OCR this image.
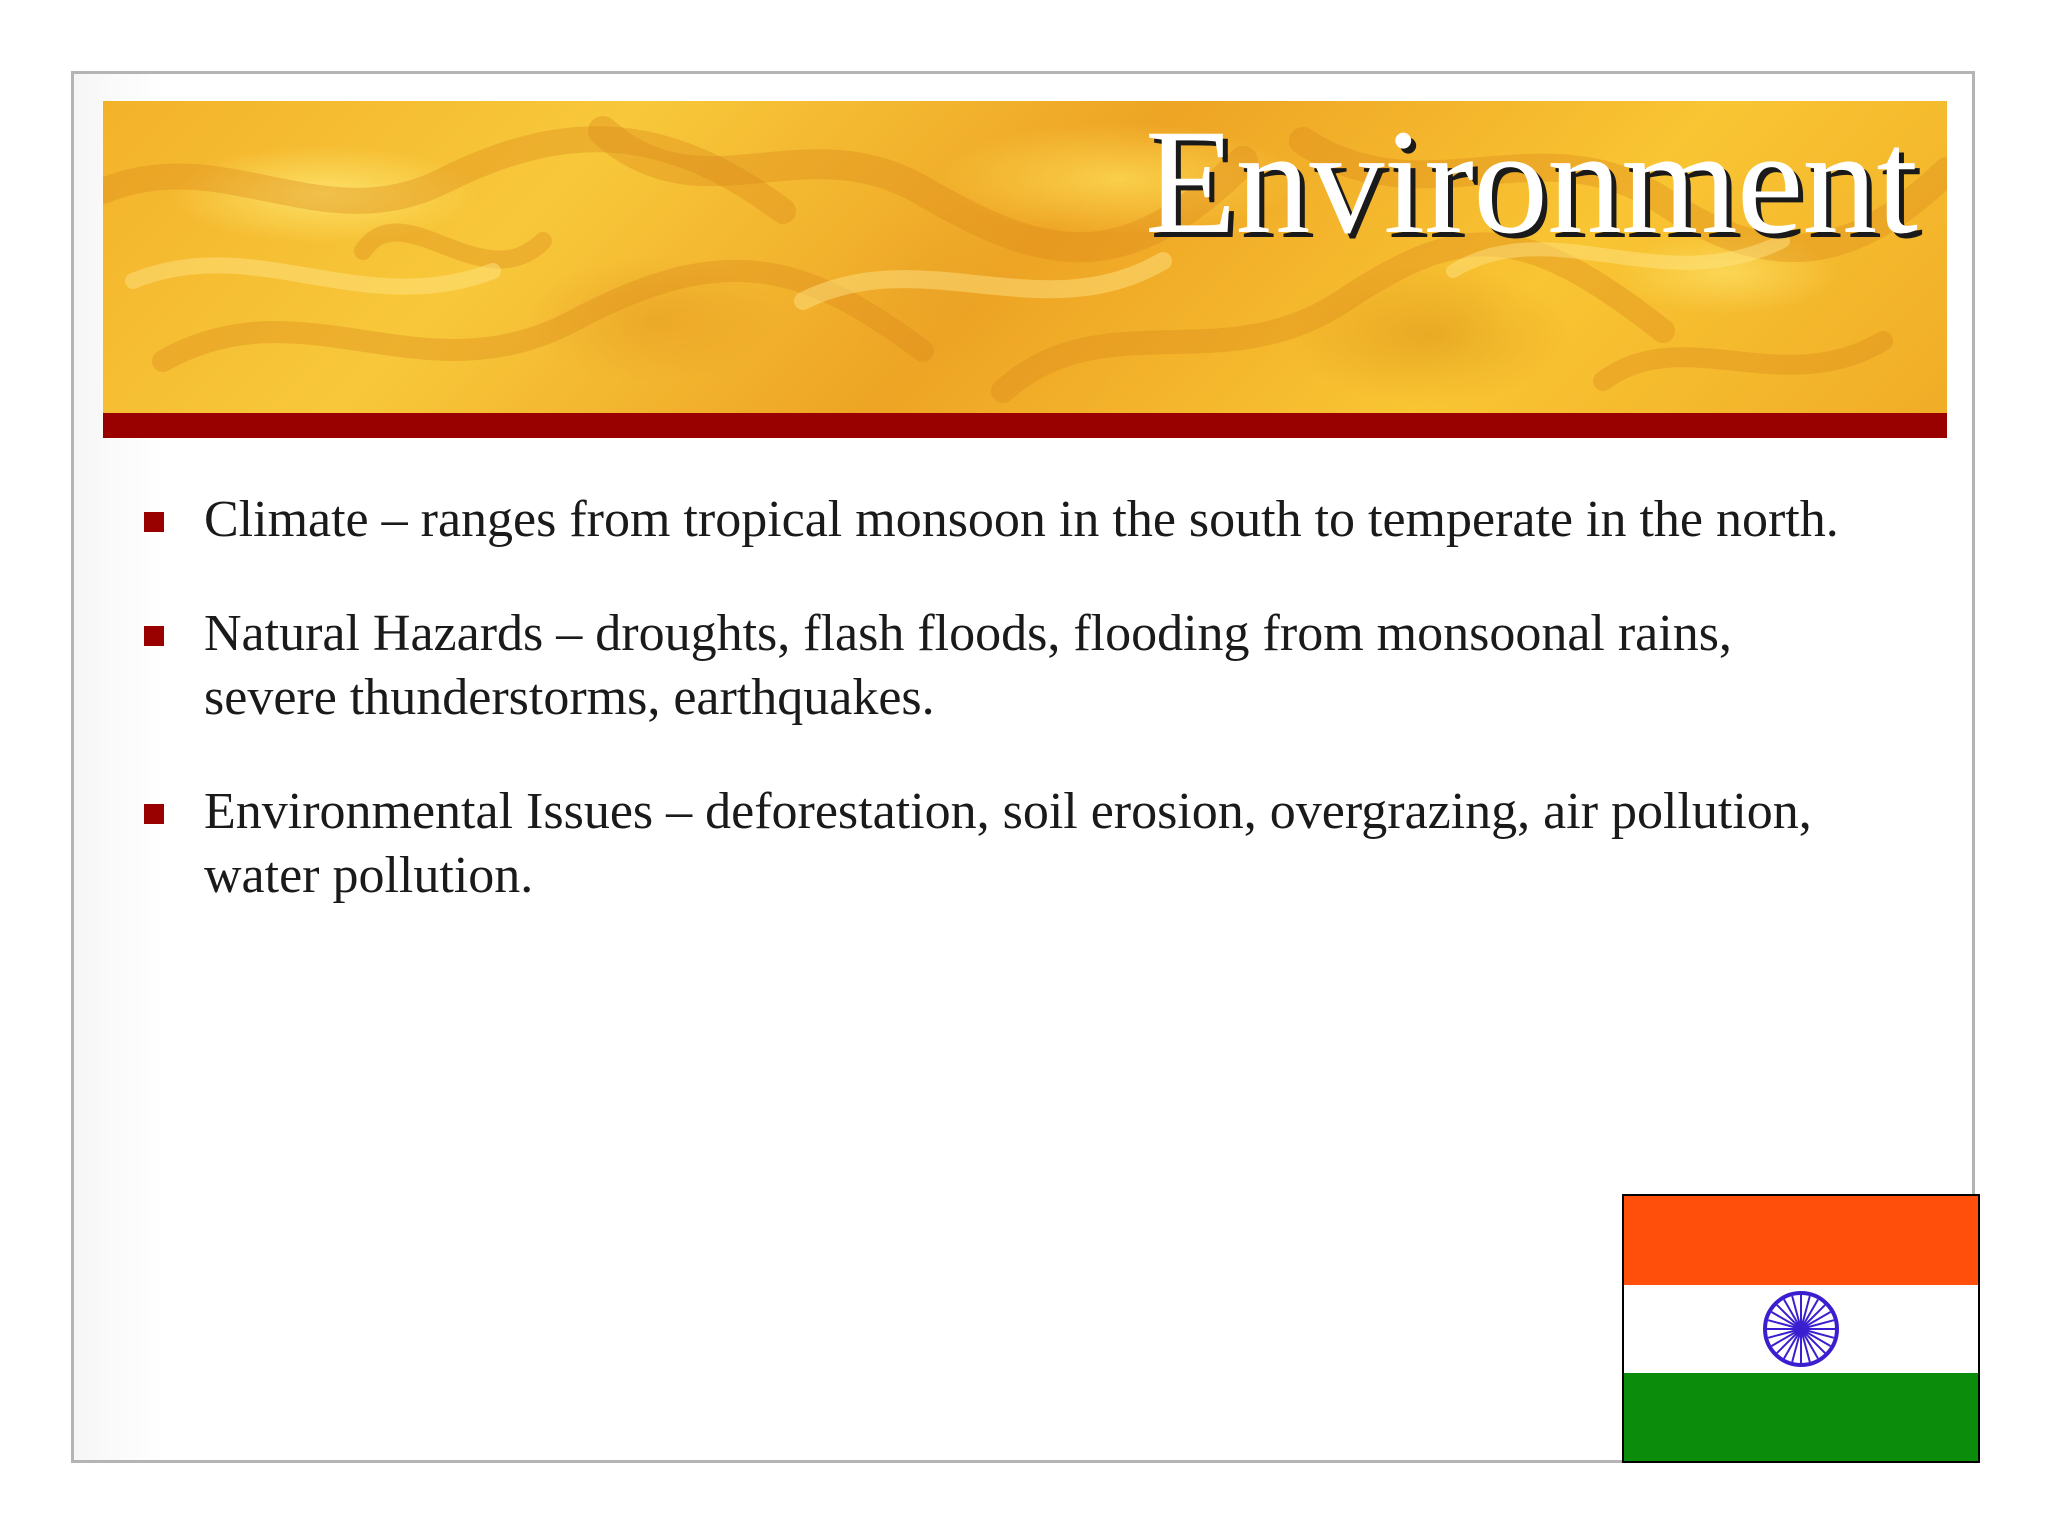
Environment
Climate – ranges from tropical monsoon in the south to temperate in the north.
Natural Hazards – droughts, flash floods, flooding from monsoonal rains, severe thunderstorms, earthquakes.
Environmental Issues – deforestation, soil erosion, overgrazing, air pollution, water pollution.
